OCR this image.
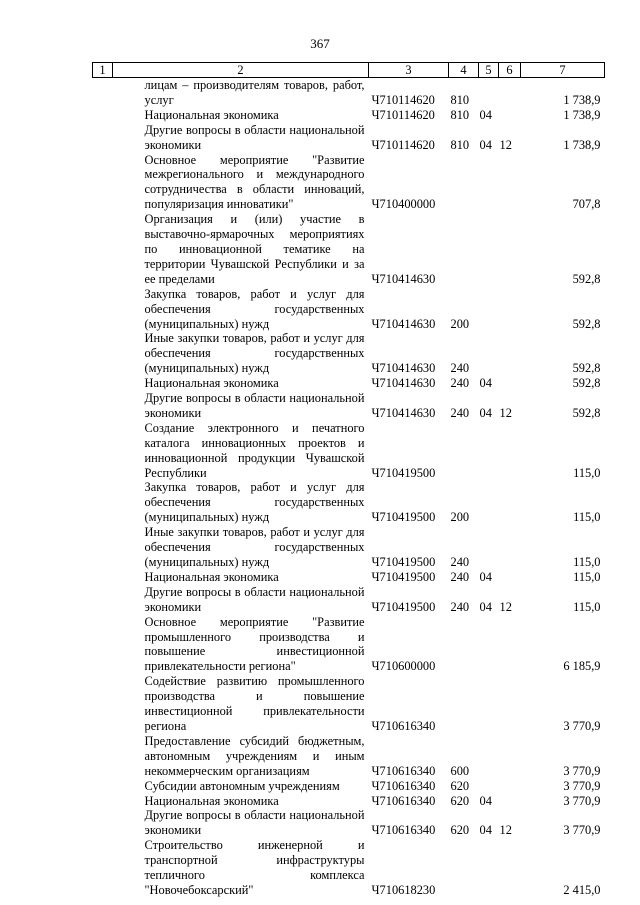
367
1	2	3	4	5	6	7
	лицам – производителям товаров, работ, услуг	Ч710114620	810			1 738,9
	Национальная экономика	Ч710114620	810	04		1 738,9
	Другие вопросы в области национальной экономики	Ч710114620	810	04	12	1 738,9
	Основное мероприятие "Развитие межрегионального и международного сотрудничества в области инноваций, популяризация инноватики"	Ч710400000				707,8
	Организация и (или) участие в выставочно-ярмарочных мероприятиях по инновационной тематике на территории Чувашской Республики и за ее пределами	Ч710414630				592,8
	Закупка товаров, работ и услуг для обеспечения государственных (муниципальных) нужд	Ч710414630	200			592,8
	Иные закупки товаров, работ и услуг для обеспечения государственных (муниципальных) нужд	Ч710414630	240			592,8
	Национальная экономика	Ч710414630	240	04		592,8
	Другие вопросы в области национальной экономики	Ч710414630	240	04	12	592,8
	Создание электронного и печатного каталога инновационных проектов и инновационной продукции Чувашской Республики	Ч710419500				115,0
	Закупка товаров, работ и услуг для обеспечения государственных (муниципальных) нужд	Ч710419500	200			115,0
	Иные закупки товаров, работ и услуг для обеспечения государственных (муниципальных) нужд	Ч710419500	240			115,0
	Национальная экономика	Ч710419500	240	04		115,0
	Другие вопросы в области национальной экономики	Ч710419500	240	04	12	115,0
	Основное мероприятие "Развитие промышленного производства и повышение инвестиционной привлекательности региона"	Ч710600000				6 185,9
	Содействие развитию промышленного производства и повышение инвестиционной привлекательности региона	Ч710616340				3 770,9
	Предоставление субсидий бюджетным, автономным учреждениям и иным некоммерческим организациям	Ч710616340	600			3 770,9
	Субсидии автономным учреждениям	Ч710616340	620			3 770,9
	Национальная экономика	Ч710616340	620	04		3 770,9
	Другие вопросы в области национальной экономики	Ч710616340	620	04	12	3 770,9
	Строительство инженерной и транспортной инфраструктуры тепличного комплекса "Новочебоксарский"	Ч710618230				2 415,0
